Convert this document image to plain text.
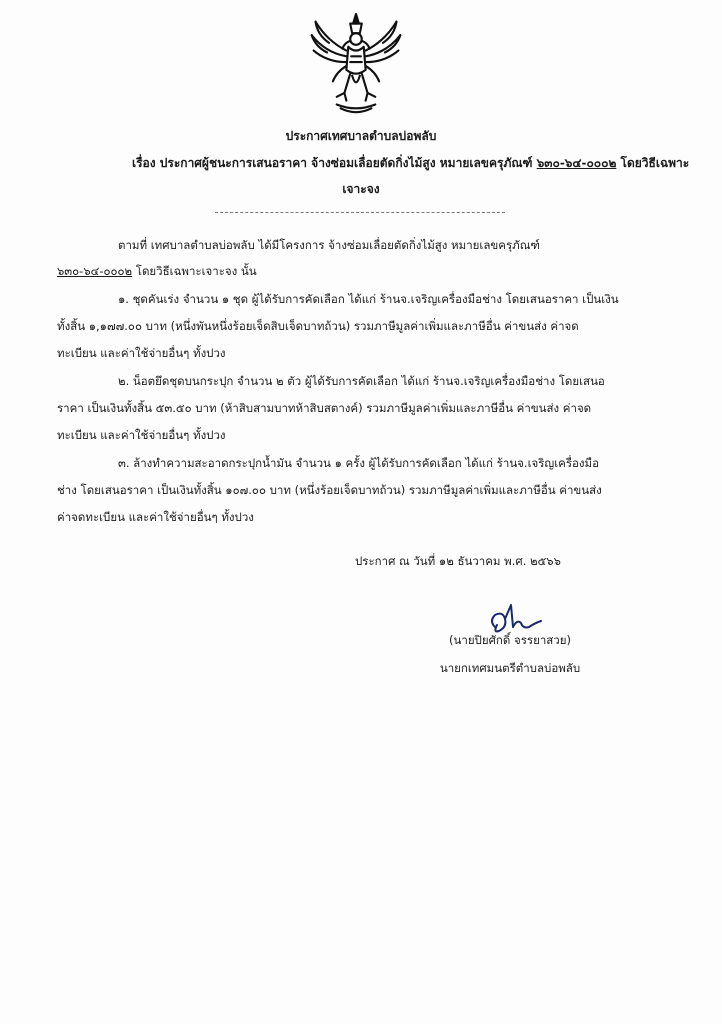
ประกาศเทศบาลตำบลบ่อพลับ
เรื่อง ประกาศผู้ชนะการเสนอราคา จ้างซ่อมเลื่อยตัดกิ่งไม้สูง หมายเลขครุภัณฑ์ ๖๓๐-๖๔-๐๐๐๒ โดยวิธีเฉพาะ
เจาะจง
ตามที่ เทศบาลตำบลบ่อพลับ ได้มีโครงการ จ้างซ่อมเลื่อยตัดกิ่งไม้สูง หมายเลขครุภัณฑ์
๖๓๐-๖๔-๐๐๐๒ โดยวิธีเฉพาะเจาะจง นั้น
๑. ชุดคันเร่ง จำนวน ๑ ชุด ผู้ได้รับการคัดเลือก ได้แก่ ร้านจ.เจริญเครื่องมือช่าง โดยเสนอราคา เป็นเงิน
ทั้งสิ้น ๑,๑๗๗.๐๐ บาท (หนึ่งพันหนึ่งร้อยเจ็ดสิบเจ็ดบาทถ้วน) รวมภาษีมูลค่าเพิ่มและภาษีอื่น ค่าขนส่ง ค่าจด
ทะเบียน และค่าใช้จ่ายอื่นๆ ทั้งปวง
๒. น็อตยึดชุดบนกระปุก จำนวน ๒ ตัว ผู้ได้รับการคัดเลือก ได้แก่ ร้านจ.เจริญเครื่องมือช่าง โดยเสนอ
ราคา เป็นเงินทั้งสิ้น ๕๓.๕๐ บาท (ห้าสิบสามบาทห้าสิบสตางค์) รวมภาษีมูลค่าเพิ่มและภาษีอื่น ค่าขนส่ง ค่าจด
ทะเบียน และค่าใช้จ่ายอื่นๆ ทั้งปวง
๓. ล้างทำความสะอาดกระปุกน้ำมัน จำนวน ๑ ครั้ง ผู้ได้รับการคัดเลือก ได้แก่ ร้านจ.เจริญเครื่องมือ
ช่าง โดยเสนอราคา เป็นเงินทั้งสิ้น ๑๐๗.๐๐ บาท (หนึ่งร้อยเจ็ดบาทถ้วน) รวมภาษีมูลค่าเพิ่มและภาษีอื่น ค่าขนส่ง
ค่าจดทะเบียน และค่าใช้จ่ายอื่นๆ ทั้งปวง
ประกาศ ณ วันที่ ๑๒ ธันวาคม พ.ศ. ๒๕๖๖
(นายปิยศักดิ์ จรรยาสวย)
นายกเทศมนตรีตำบลบ่อพลับ
